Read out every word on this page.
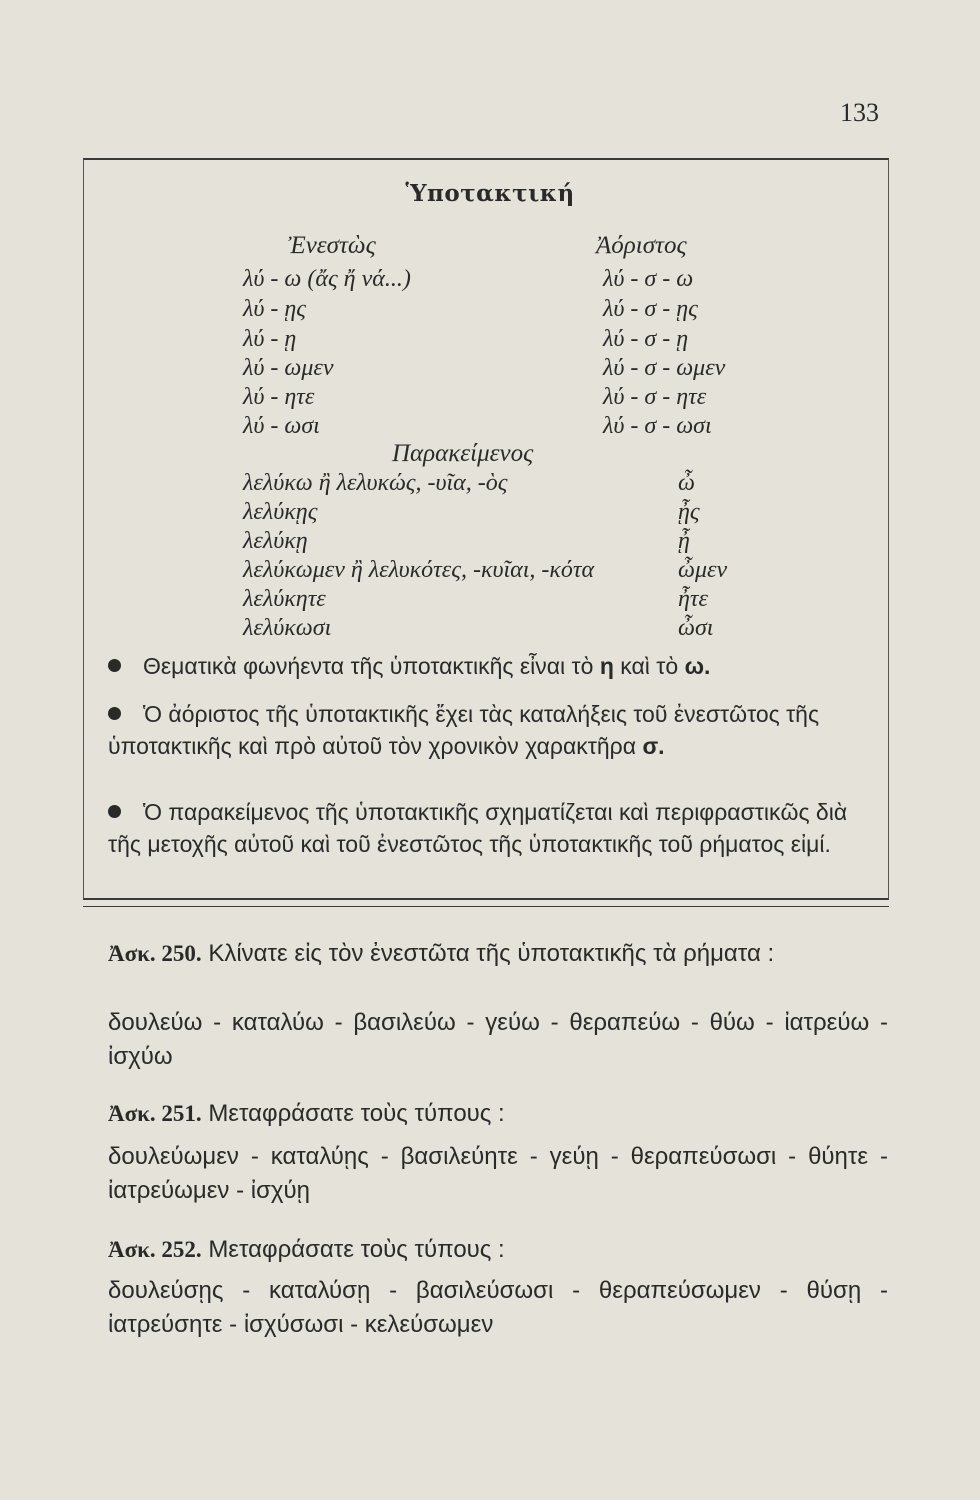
133
Ὑποτακτική
Ἐνεστὼς	Ἀόριστος
λύ - ω (ἄς ἤ νά...)
λύ - ῃς
λύ - ῃ
λύ - ωμεν
λύ - ητε
λύ - ωσι
λύ - σ - ω
λύ - σ - ῃς
λύ - σ - ῃ
λύ - σ - ωμεν
λύ - σ - ητε
λύ - σ - ωσι
Παρακείμενος
λελύκω ἢ λελυκώς, -υῖα, -ὸς
λελύκῃς
λελύκῃ
λελύκωμεν ἢ λελυκότες, -κυῖαι, -κότα
λελύκητε
λελύκωσι
ὦ
ᾖς
ᾖ
ὦμεν
ἦτε
ὦσι
Θεματικὰ φωνήεντα τῆς ὑποτακτικῆς εἶναι τὸ η καὶ τὸ ω.
Ὁ ἀόριστος τῆς ὑποτακτικῆς ἔχει τὰς καταλήξεις τοῦ ἐνεστῶτος τῆς ὑποτακτικῆς καὶ πρὸ αὐτοῦ τὸν χρονικὸν χαρακτῆρα σ.
Ὁ παρακείμενος τῆς ὑποτακτικῆς σχηματίζεται καὶ περιφραστικῶς διὰ τῆς μετοχῆς αὐτοῦ καὶ τοῦ ἐνεστῶτος τῆς ὑποτακτικῆς τοῦ ρήματος εἰμί.
Ἀσκ. 250. Κλίνατε εἰς τὸν ἐνεστῶτα τῆς ὑποτακτικῆς τὰ ρήματα :
δουλεύω - καταλύω - βασιλεύω - γεύω - θεραπεύω - θύω - ἰατρεύω - ἰσχύω
Ἀσκ. 251. Μεταφράσατε τοὺς τύπους :
δουλεύωμεν - καταλύῃς - βασιλεύητε - γεύῃ - θεραπεύσωσι - θύητε - ἰατρεύωμεν - ἰσχύῃ
Ἀσκ. 252. Μεταφράσατε τοὺς τύπους :
δουλεύσῃς - καταλύσῃ - βασιλεύσωσι - θεραπεύσωμεν - θύσῃ - ἰατρεύσητε - ἰσχύσωσι - κελεύσωμεν
